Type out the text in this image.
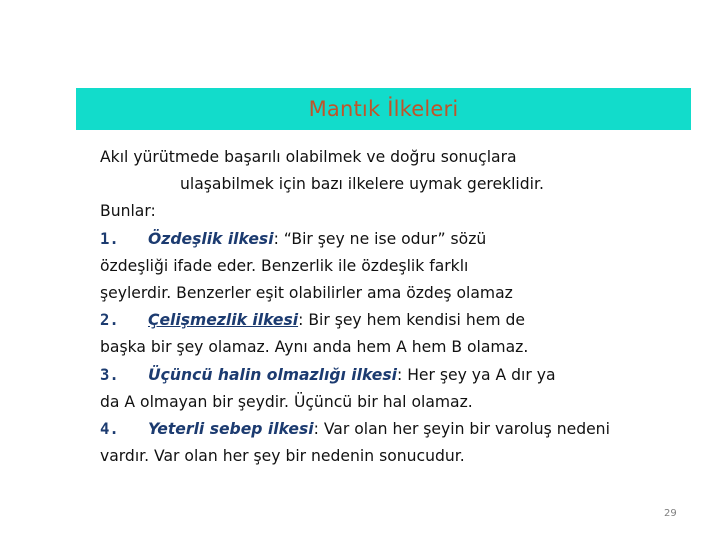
Mantık İlkeleri
Akıl yürütmede başarılı olabilmek ve doğru sonuçlara
ulaşabilmek için bazı ilkelere uymak gereklidir.
Bunlar:
1. Özdeşlik ilkesi: “Bir şey ne ise odur” sözü
özdeşliği ifade eder. Benzerlik ile özdeşlik farklı
şeylerdir. Benzerler eşit olabilirler ama özdeş olamaz
2. Çelişmezlik ilkesi: Bir şey hem kendisi hem de
başka bir şey olamaz. Aynı anda hem A hem B olamaz.
3. Üçüncü halin olmazlığı ilkesi: Her şey ya A dır ya
da A olmayan bir şeydir. Üçüncü bir hal olamaz.
4. Yeterli sebep ilkesi: Var olan her şeyin bir varoluş nedeni
vardır. Var olan her şey bir nedenin sonucudur.
29
